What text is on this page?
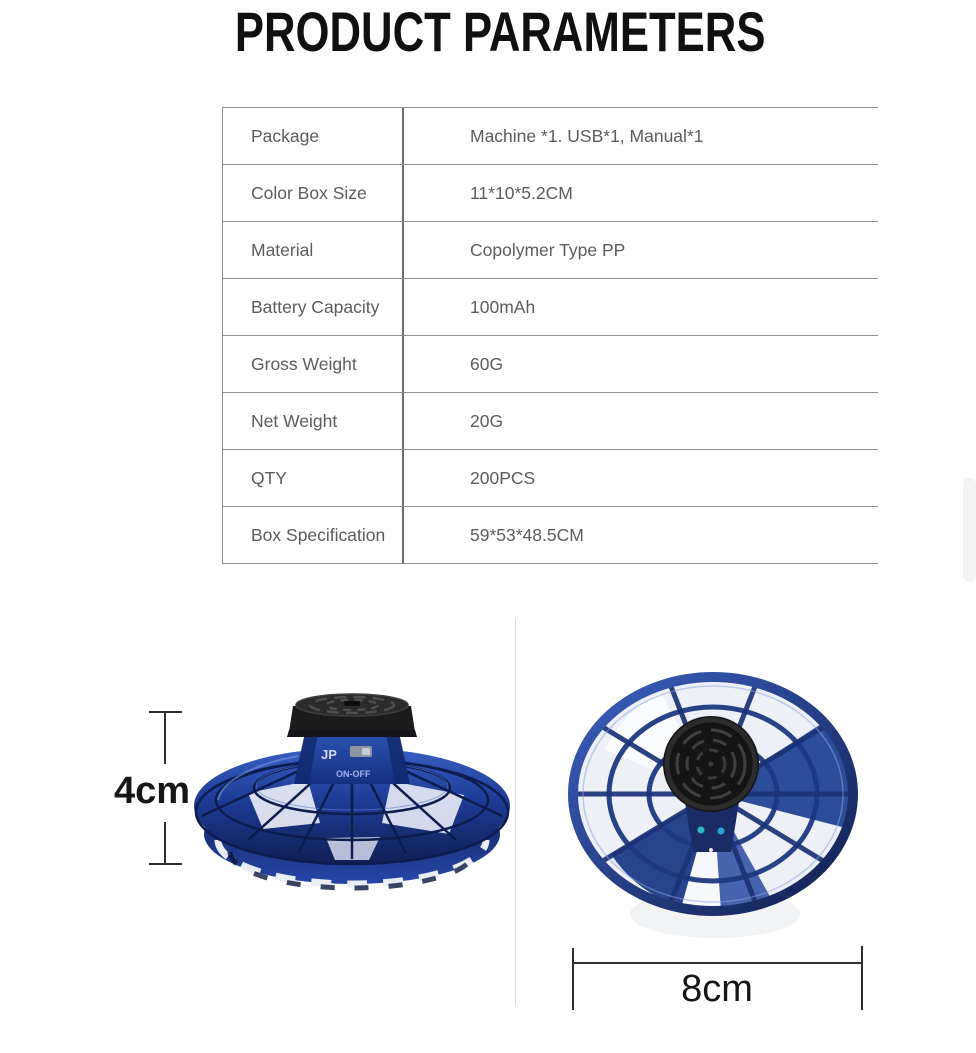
PRODUCT PARAMETERS
Package	Machine *1. USB*1, Manual*1
Color Box Size	11*10*5.2CM
Material	Copolymer Type PP
Battery Capacity	100mAh
Gross Weight	60G
Net Weight	20G
QTY	200PCS
Box Specification	59*53*48.5CM
JP
ON-OFF
4cm
8cm
